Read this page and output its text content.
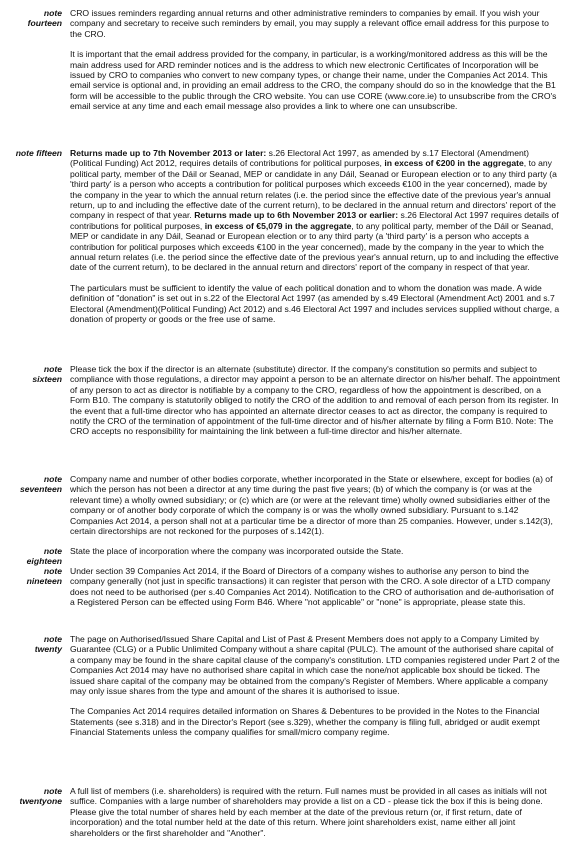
note
fourteen

CRO issues reminders regarding annual returns and other administrative reminders to companies by email. If you wish your company and secretary to receive such reminders by email, you may supply a relevant office email address for this purpose to the CRO.

It is important that the email address provided for the company, in particular, is a working/monitored address as this will be the main address used for ARD reminder notices and is the address to which new electronic Certificates of Incorporation will be issued by CRO to companies who convert to new company types, or change their name, under the Companies Act 2014. This email service is optional and, in providing an email address to the CRO, the company should do so in the knowledge that the B1 form will be accessible to the public through the CRO website. You can use CORE (www.core.ie) to unsubscribe from the CRO's email service at any time and each email message also provides a link to where one can unsubscribe.

note fifteen Returns made up to 7th November 2013 or later: s.26 Electoral Act 1997, as amended by s.17 Electoral (Amendment)(Political Funding) Act 2012, requires details of contributions for political purposes, in excess of €200 in the aggregate, to any political party, member of the Dáil or Seanad, MEP or candidate in any Dáil, Seanad or European election or to any third party (a 'third party' is a person who accepts a contribution for political purposes which exceeds €100 in the year concerned), made by the company in the year to which the annual return relates (i.e. the period since the effective date of the previous year's annual return, up to and including the effective date of the current return), to be declared in the annual return and directors' report of the company in respect of that year. Returns made up to 6th November 2013 or earlier: s.26 Electoral Act 1997 requires details of contributions for political purposes, in excess of €5,079 in the aggregate, to any political party, member of the Dáil or Seanad, MEP or candidate in any Dáil, Seanad or European election or to any third party (a 'third party' is a person who accepts a contribution for political purposes which exceeds €100 in the year concerned), made by the company in the year to which the annual return relates (i.e. the period since the effective date of the previous year's annual return, up to and including the effective date of the current return), to be declared in the annual return and directors' report of the company in respect of that year.

The particulars must be sufficient to identify the value of each political donation and to whom the donation was made. A wide definition of "donation" is set out in s.22 of the Electoral Act 1997 (as amended by s.49 Electoral (Amendment Act) 2001 and s.7 Electoral (Amendment)(Political Funding) Act 2012) and s.46 Electoral Act 1997 and includes services supplied without charge, a donation of property or goods or the free use of same.

note
sixteen

Please tick the box if the director is an alternate (substitute) director. If the company's constitution so permits and subject to compliance with those regulations, a director may appoint a person to be an alternate director on his/her behalf. The appointment of any person to act as director is notifiable by a company to the CRO, regardless of how the appointment is described, on a Form B10. The company is statutorily obliged to notify the CRO of the addition to and removal of each person from its register. In the event that a full-time director who has appointed an alternate director ceases to act as director, the company is required to notify the CRO of the termination of appointment of the full-time director and of his/her alternate by filing a Form B10. Note: The CRO accepts no responsibility for maintaining the link between a full-time director and his/her alternate.

note
seventeen

Company name and number of other bodies corporate, whether incorporated in the State or elsewhere, except for bodies (a) of which the person has not been a director at any time during the past five years; (b) of which the company is (or was at the relevant time) a wholly owned subsidiary; or (c) which are (or were at the relevant time) wholly owned subsidiaries either of the company or of another body corporate of which the company is or was the wholly owned subsidiary. Pursuant to s.142 Companies Act 2014, a person shall not at a particular time be a director of more than 25 companies. However, under s.142(3), certain directorships are not reckoned for the purposes of s.142(1).

note
eighteen

State the place of incorporation where the company was incorporated outside the State.

note
nineteen

Under section 39 Companies Act 2014, if the Board of Directors of a company wishes to authorise any person to bind the company generally (not just in specific transactions) it can register that person with the CRO. A sole director of a LTD company does not need to be authorised (per s.40 Companies Act 2014). Notification to the CRO of authorisation and de-authorisation of a Registered Person can be effected using Form B46. Where "not applicable" or "none" is appropriate, please state this.

note
twenty

The page on Authorised/Issued Share Capital and List of Past & Present Members does not apply to a Company Limited by Guarantee (CLG) or a Public Unlimited Company without a share capital (PULC). The amount of the authorised share capital of a company may be found in the share capital clause of the company's constitution. LTD companies registered under Part 2 of the Companies Act 2014 may have no authorised share capital in which case the none/not applicable box should be ticked. The issued share capital of the company may be obtained from the company's Register of Members. Where applicable a company may only issue shares from the type and amount of the shares it is authorised to issue.

The Companies Act 2014 requires detailed information on Shares & Debentures to be provided in the Notes to the Financial Statements (see s.318) and in the Director's Report (see s.329), whether the company is filing full, abridged or audit exempt Financial Statements unless the company qualifies for small/micro company regime.

note
twentyone

A full list of members (i.e. shareholders) is required with the return. Full names must be provided in all cases as initials will not suffice. Companies with a large number of shareholders may provide a list on a CD - please tick the box if this is being done. Please give the total number of shares held by each member at the date of the previous return (or, if first return, date of incorporation) and the total number held at the date of this return. Where joint shareholders exist, name either all joint shareholders or the first shareholder and "Another".
